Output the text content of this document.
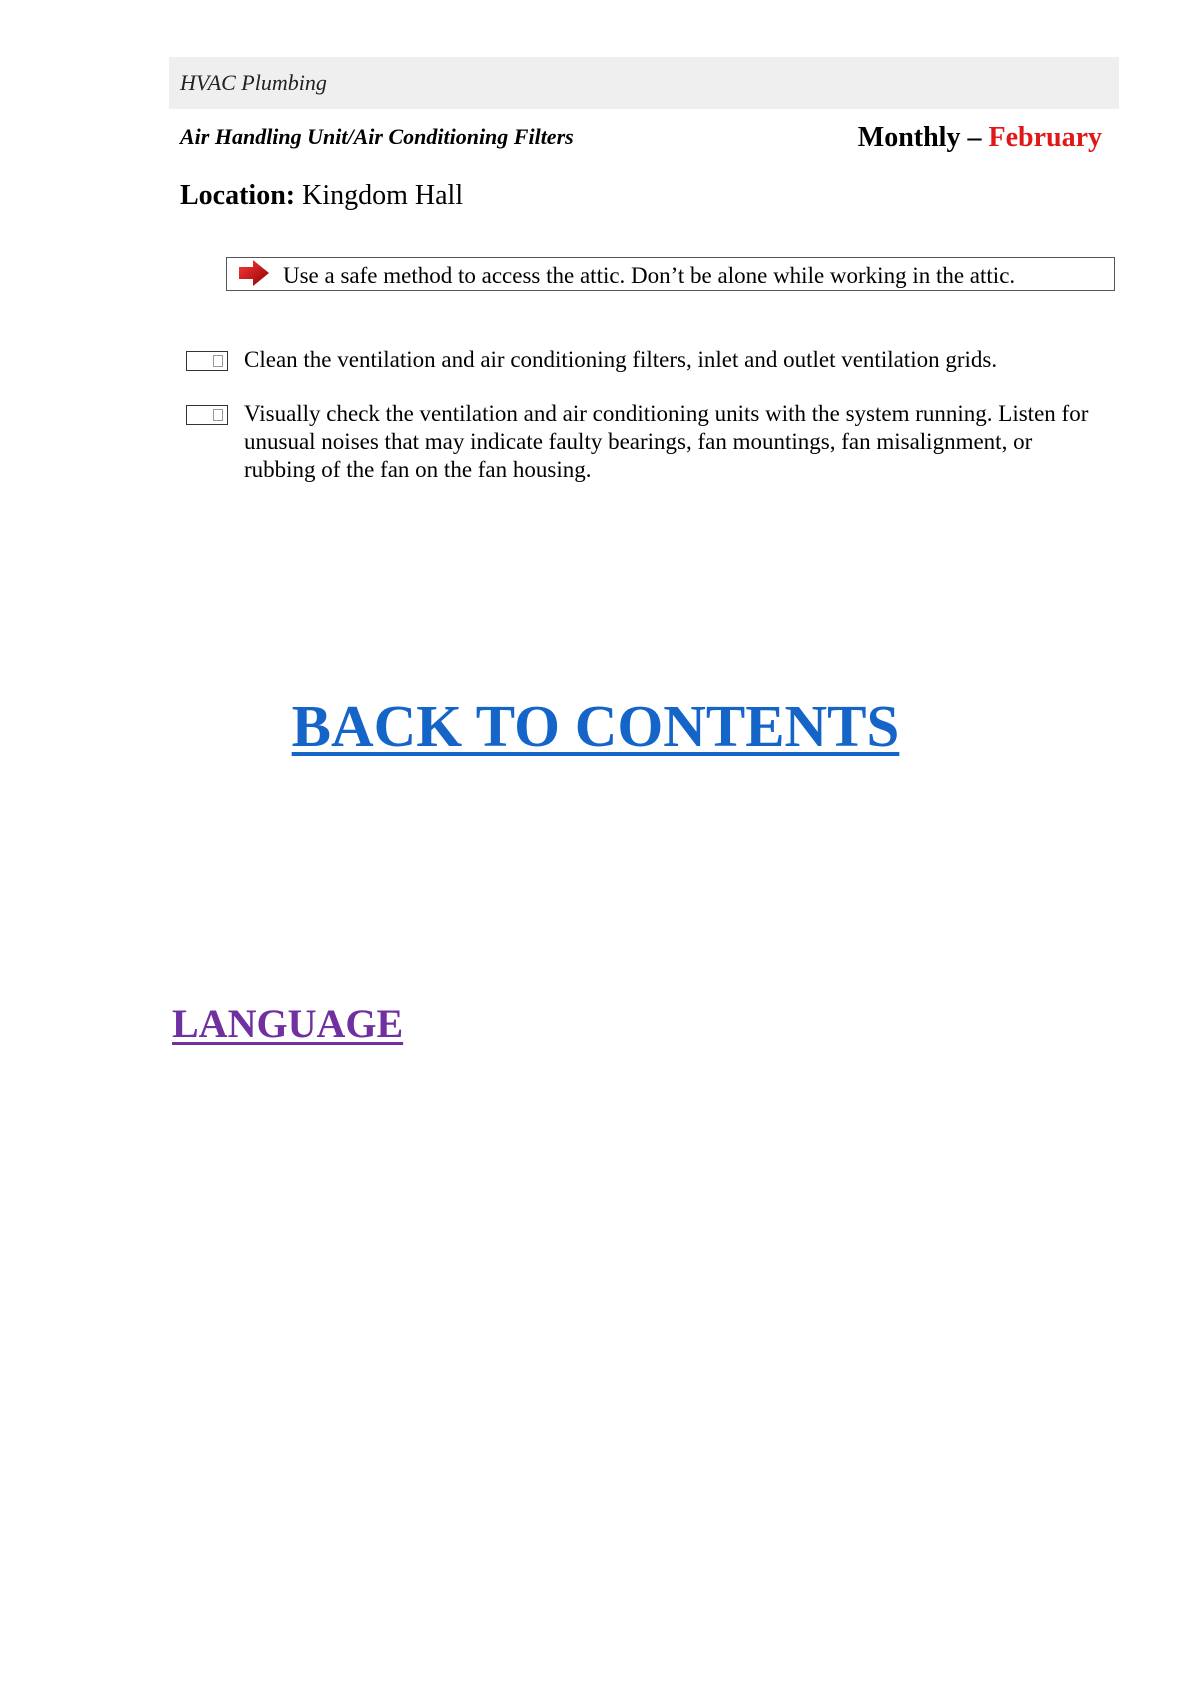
HVAC Plumbing
Air Handling Unit/Air Conditioning Filters	Monthly – February
Location: Kingdom Hall
Use a safe method to access the attic. Don’t be alone while working in the attic.
Clean the ventilation and air conditioning filters, inlet and outlet ventilation grids.
Visually check the ventilation and air conditioning units with the system running. Listen for unusual noises that may indicate faulty bearings, fan mountings, fan misalignment, or rubbing of the fan on the fan housing.
BACK TO CONTENTS
LANGUAGE
